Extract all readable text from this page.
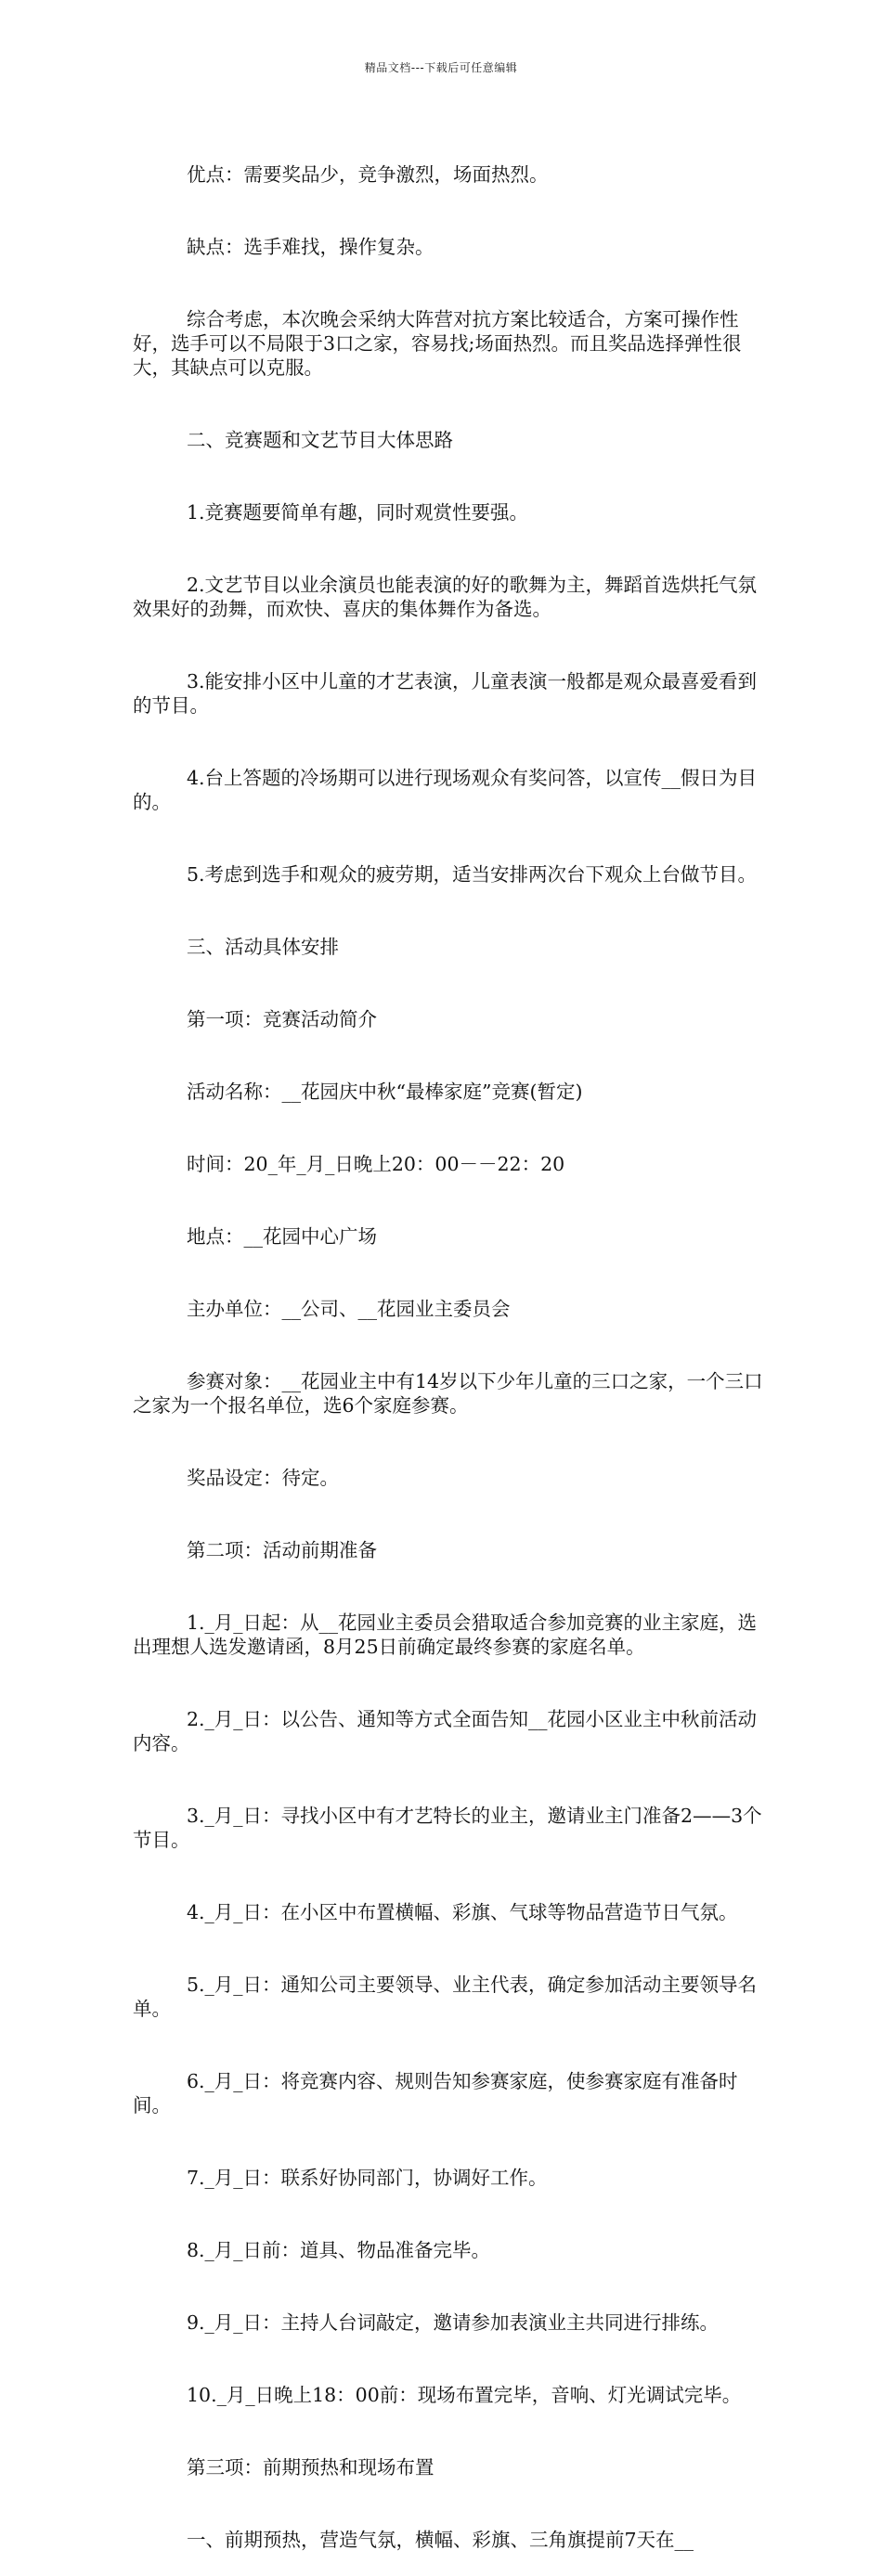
精品文档---下载后可任意编辑

优点：需要奖品少，竞争激烈，场面热烈。

缺点：选手难找，操作复杂。

综合考虑，本次晚会采纳大阵营对抗方案比较适合，方案可操作性好，选手可以不局限于3口之家，容易找;场面热烈。而且奖品选择弹性很大，其缺点可以克服。

二、竞赛题和文艺节目大体思路

1.竞赛题要简单有趣，同时观赏性要强。

2.文艺节目以业余演员也能表演的好的歌舞为主，舞蹈首选烘托气氛效果好的劲舞，而欢快、喜庆的集体舞作为备选。

3.能安排小区中儿童的才艺表演，儿童表演一般都是观众最喜爱看到的节目。

4.台上答题的冷场期可以进行现场观众有奖问答，以宣传__假日为目的。

5.考虑到选手和观众的疲劳期，适当安排两次台下观众上台做节目。

三、活动具体安排

第一项：竞赛活动简介

活动名称：__花园庆中秋“最棒家庭”竞赛(暂定)

时间：20_年_月_日晚上20：00－－22：20

地点：__花园中心广场

主办单位：__公司、__花园业主委员会

参赛对象：__花园业主中有14岁以下少年儿童的三口之家，一个三口之家为一个报名单位，选6个家庭参赛。

奖品设定：待定。

第二项：活动前期准备

1._月_日起：从__花园业主委员会猎取适合参加竞赛的业主家庭，选出理想人选发邀请函，8月25日前确定最终参赛的家庭名单。

2._月_日：以公告、通知等方式全面告知__花园小区业主中秋前活动内容。

3._月_日：寻找小区中有才艺特长的业主，邀请业主门准备2——3个节目。

4._月_日：在小区中布置横幅、彩旗、气球等物品营造节日气氛。

5._月_日：通知公司主要领导、业主代表，确定参加活动主要领导名单。

6._月_日：将竞赛内容、规则告知参赛家庭，使参赛家庭有准备时间。

7._月_日：联系好协同部门，协调好工作。

8._月_日前：道具、物品准备完毕。

9._月_日：主持人台词敲定，邀请参加表演业主共同进行排练。

10._月_日晚上18：00前：现场布置完毕，音响、灯光调试完毕。

第三项：前期预热和现场布置

一、前期预热，营造气氛，横幅、彩旗、三角旗提前7天在__
